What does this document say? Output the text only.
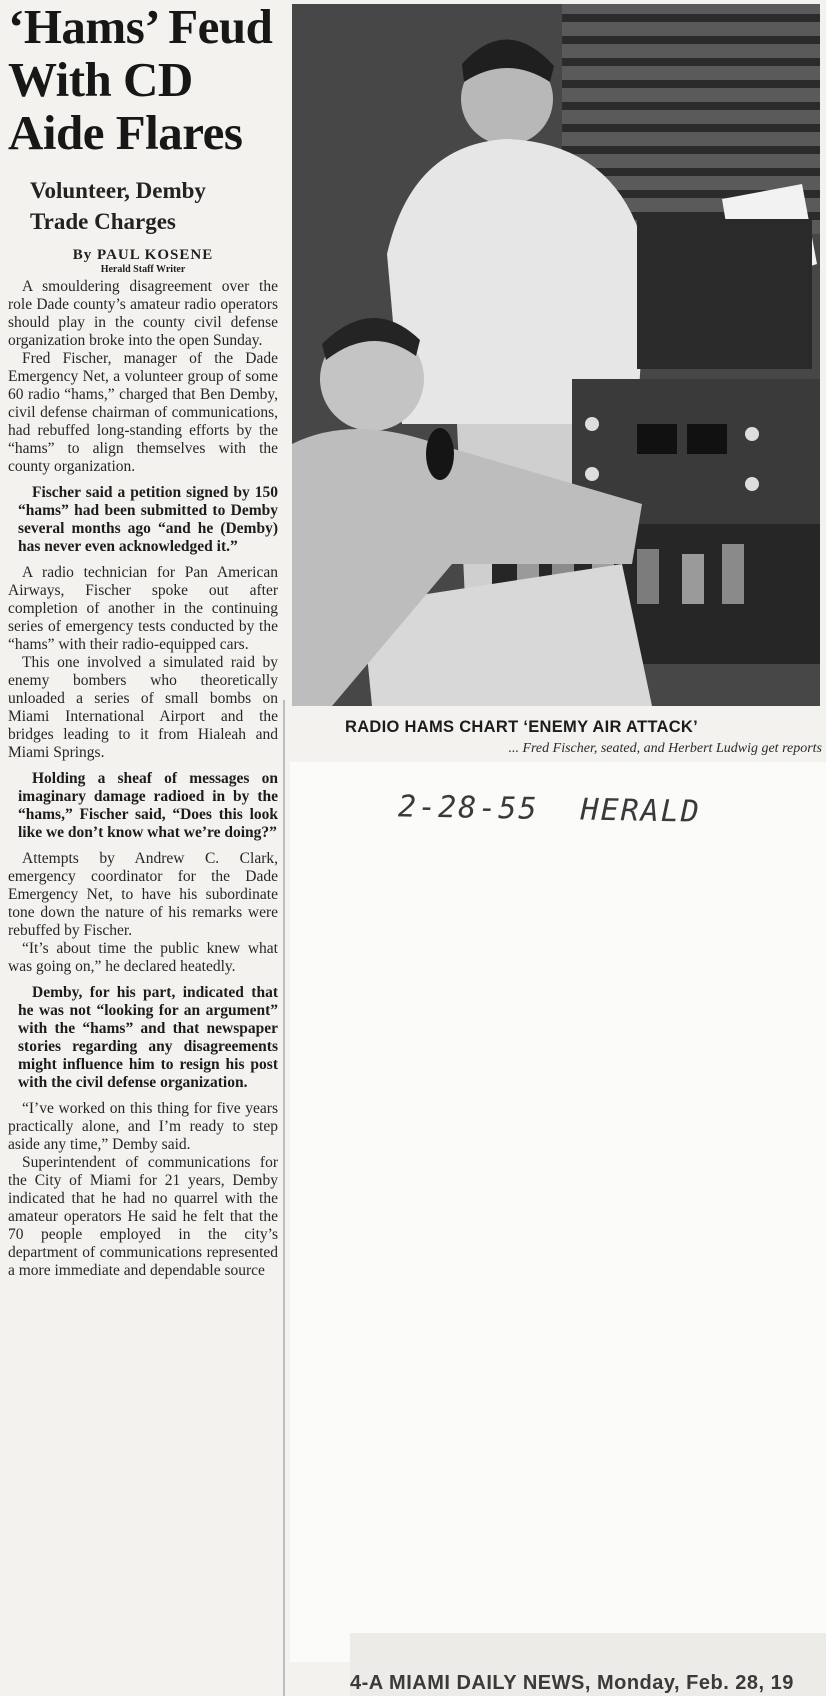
‘Hams’ Feud
With CD
Aide Flares
Volunteer, Demby
Trade Charges
By PAUL KOSENE
Herald Staff Writer

A smouldering disagreement over the role Dade county’s amateur radio operators should play in the county civil defense organization broke into the open Sunday.

Fred Fischer, manager of the Dade Emergency Net, a volunteer group of some 60 radio “hams,” charged that Ben Demby, civil defense chairman of communications, had rebuffed long-standing efforts by the “hams” to align themselves with the county organization.

Fischer said a petition signed by 150 “hams” had been submitted to Demby several months ago “and he (Demby) has never even acknowledged it.”

A radio technician for Pan American Airways, Fischer spoke out after completion of another in the continuing series of emergency tests conducted by the “hams” with their radio-equipped cars.

This one involved a simulated raid by enemy bombers who theoretically unloaded a series of small bombs on Miami International Airport and the bridges leading to it from Hialeah and Miami Springs.

Holding a sheaf of messages on imaginary damage radioed in by the “hams,” Fischer said, “Does this look like we don’t know what we’re doing?”

Attempts by Andrew C. Clark, emergency coordinator for the Dade Emergency Net, to have his subordinate tone down the nature of his remarks were rebuffed by Fischer.

“It’s about time the public knew what was going on,” he declared heatedly.

Demby, for his part, indicated that he was not “looking for an argument” with the “hams” and that newspaper stories regarding any disagreements might influence him to resign his post with the civil defense organization.

“I’ve worked on this thing for five years practically alone, and I’m ready to step aside any time,” Demby said.

Superintendent of communications for the City of Miami for 21 years, Demby indicated that he had no quarrel with the amateur operators He said he felt that the 70 people employed in the city’s department of communications represented a more immediate and dependable source

RADIO HAMS CHART ‘ENEMY AIR ATTACK’

... Fred Fischer, seated, and Herbert Ludwig get reports

2-28-55 HERALD

4-A MIAMI DAILY NEWS, Monday, Feb. 28, 19
